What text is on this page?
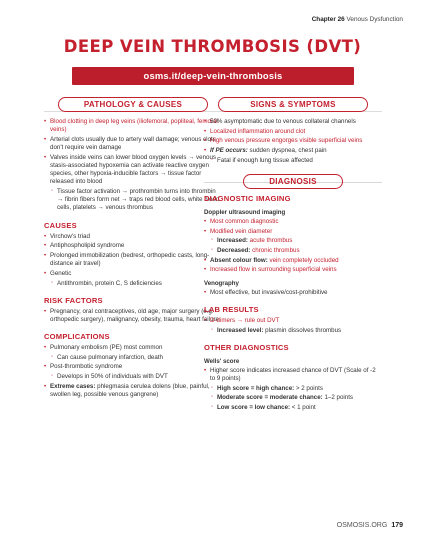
Chapter 26 Venous Dysfunction
DEEP VEIN THROMBOSIS (DVT)
osms.it/deep-vein-thrombosis
PATHOLOGY & CAUSES
• Blood clotting in deep leg veins (iliofemoral, popliteal, femoral veins)
• Arterial clots usually due to artery wall damage; venous clots don't require vein damage
• Valves inside veins can lower blood oxygen levels → venous stasis-associated hypoxemia can activate reactive oxygen species, other hypoxia-inducible factors → tissue factor released into blood
◦ Tissue factor activation → prothrombin turns into thrombin → fibrin fibers form net → traps red blood cells, white blood cells, platelets → venous thrombus
CAUSES
• Virchow's triad
• Antiphospholipid syndrome
• Prolonged immobilization (bedrest, orthopedic casts, long-distance air travel)
• Genetic
◦ Antithrombin, protein C, S deficiencies
RISK FACTORS
• Pregnancy, oral contraceptives, old age, major surgery (e.g. orthopedic surgery), malignancy, obesity, trauma, heart failure
COMPLICATIONS
• Pulmonary embolism (PE) most common
◦ Can cause pulmonary infarction, death
• Post-thrombotic syndrome
◦ Develops in 50% of individuals with DVT
• Extreme cases: phlegmasia cerulea dolens (blue, painful, swollen leg, possible venous gangrene)
SIGNS & SYMPTOMS
• 50% asymptomatic due to venous collateral channels
• Localized inflammation around clot
• High venous pressure engorges visible superficial veins
• If PE occurs: sudden dyspnea, chest pain
◦ Fatal if enough lung tissue affected
DIAGNOSIS
DIAGNOSTIC IMAGING
Doppler ultrasound imaging
• Most common diagnostic
• Modified vein diameter
◦ Increased: acute thrombus
◦ Decreased: chronic thrombus
• Absent colour flow: vein completely occluded
• Increased flow in surrounding superficial veins
Venography
• Most effective, but invasive/cost-prohibitive
LAB RESULTS
• D-dimers → rule out DVT
◦ Increased level: plasmin dissolves thrombus
OTHER DIAGNOSTICS
Wells' score
• Higher score indicates increased chance of DVT (Scale of -2 to 9 points)
◦ High score = high chance: > 2 points
◦ Moderate score = moderate chance: 1–2 points
◦ Low score = low chance: < 1 point
OSMOSIS.ORG 179
